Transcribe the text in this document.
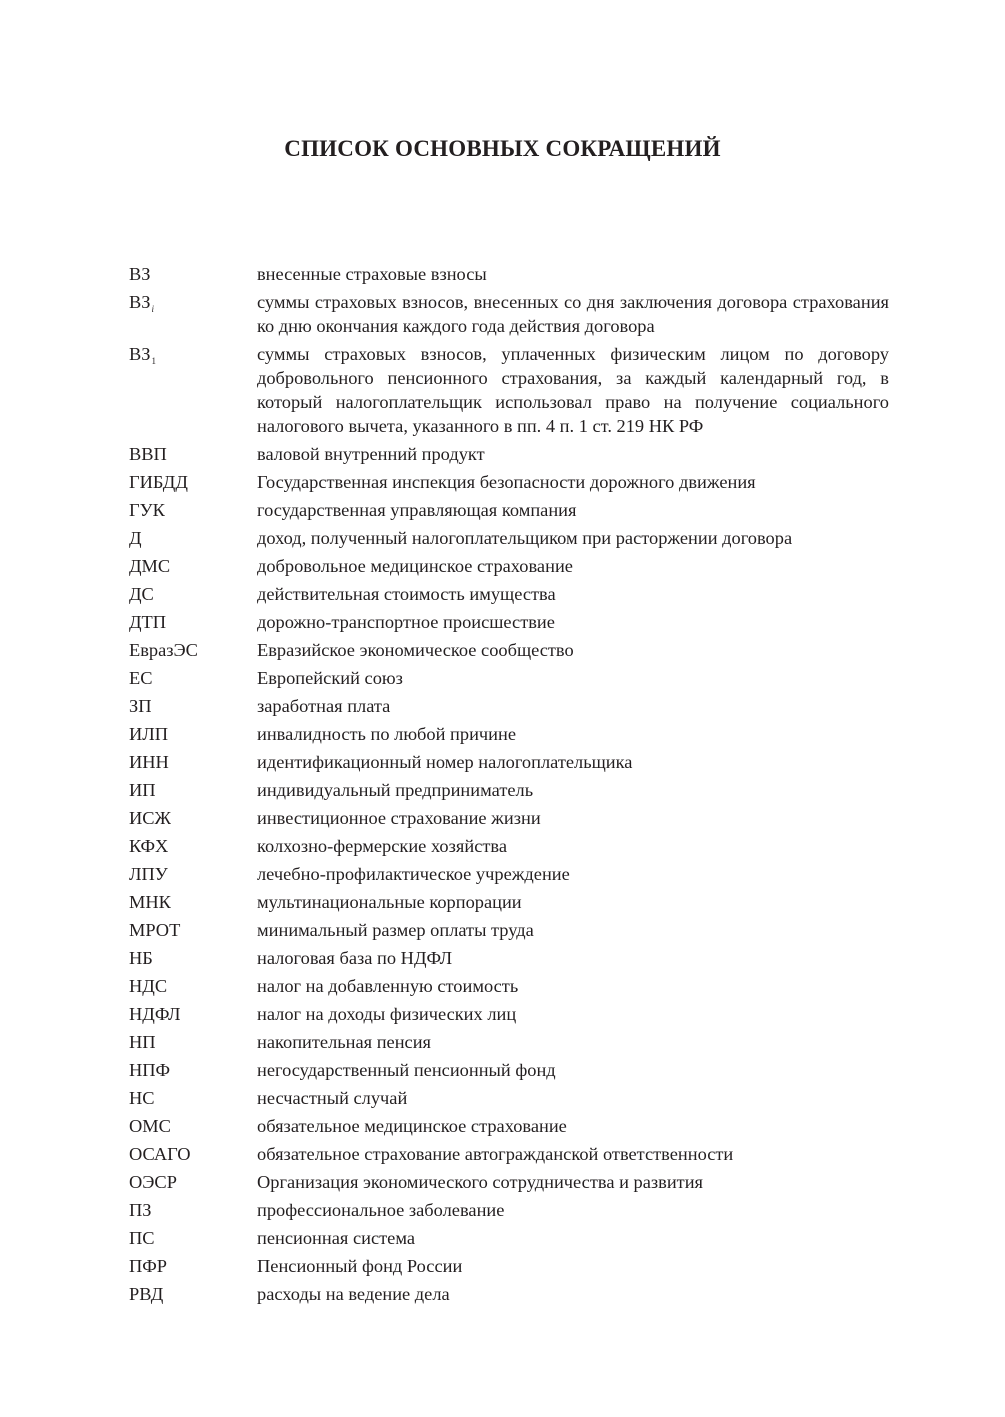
СПИСОК ОСНОВНЫХ СОКРАЩЕНИЙ
ВЗ	внесенные страховые взносы
$ВЗ_i$	суммы страховых взносов, внесенных со дня заключения договора страхования ко дню окончания каждого года действия договора
$ВЗ_1$	суммы страховых взносов, уплаченных физическим лицом по договору добровольного пенсионного страхования, за каждый календарный год, в который налогоплательщик использовал право на получение социального налогового вычета, указанного в пп. 4 п. 1 ст. 219 НК РФ
ВВП	валовой внутренний продукт
ГИБДД	Государственная инспекция безопасности дорожного движения
ГУК	государственная управляющая компания
Д	доход, полученный налогоплательщиком при расторжении договора
ДМС	добровольное медицинское страхование
ДС	действительная стоимость имущества
ДТП	дорожно-транспортное происшествие
ЕвразЭС	Евразийское экономическое сообщество
ЕС	Европейский союз
ЗП	заработная плата
ИЛП	инвалидность по любой причине
ИНН	идентификационный номер налогоплательщика
ИП	индивидуальный предприниматель
ИСЖ	инвестиционное страхование жизни
КФХ	колхозно-фермерские хозяйства
ЛПУ	лечебно-профилактическое учреждение
МНК	мультинациональные корпорации
МРОТ	минимальный размер оплаты труда
НБ	налоговая база по НДФЛ
НДС	налог на добавленную стоимость
НДФЛ	налог на доходы физических лиц
НП	накопительная пенсия
НПФ	негосударственный пенсионный фонд
НС	несчастный случай
ОМС	обязательное медицинское страхование
ОСАГО	обязательное страхование автогражданской ответственности
ОЭСР	Организация экономического сотрудничества и развития
ПЗ	профессиональное заболевание
ПС	пенсионная система
ПФР	Пенсионный фонд России
РВД	расходы на ведение дела
